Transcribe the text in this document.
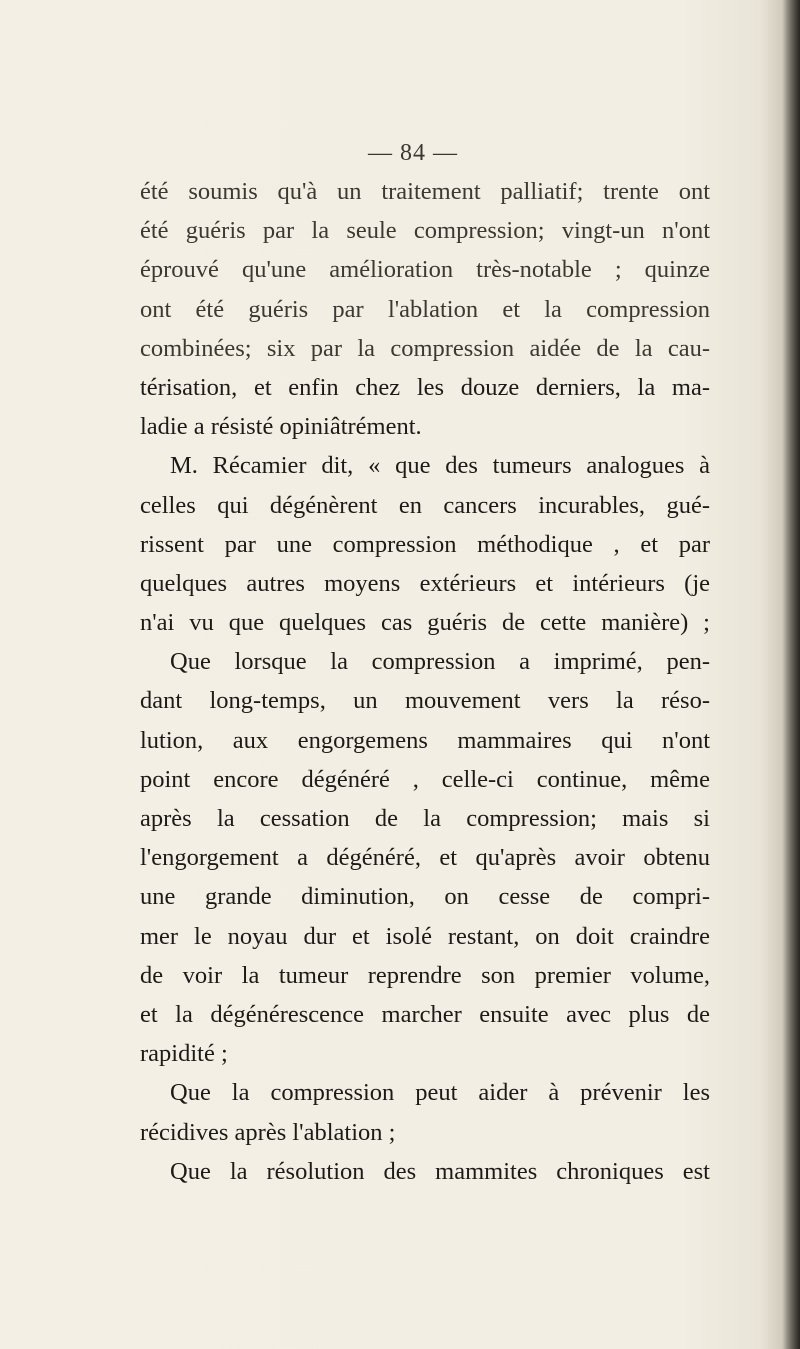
— 84 —
été soumis qu'à un traitement palliatif; trente ont
été guéris par la seule compression; vingt-un n'ont
éprouvé qu'une amélioration très-notable ; quinze
ont été guéris par l'ablation et la compression
combinées; six par la compression aidée de la cau-
térisation, et enfin chez les douze derniers, la ma-
ladie a résisté opiniâtrément.
M. Récamier dit, « que des tumeurs analogues à
celles qui dégénèrent en cancers incurables, gué-
rissent par une compression méthodique , et par
quelques autres moyens extérieurs et intérieurs (je
n'ai vu que quelques cas guéris de cette manière) ;
Que lorsque la compression a imprimé, pen-
dant long-temps, un mouvement vers la réso-
lution, aux engorgemens mammaires qui n'ont
point encore dégénéré , celle-ci continue, même
après la cessation de la compression; mais si
l'engorgement a dégénéré, et qu'après avoir obtenu
une grande diminution, on cesse de compri-
mer le noyau dur et isolé restant, on doit craindre
de voir la tumeur reprendre son premier volume,
et la dégénérescence marcher ensuite avec plus de
rapidité ;
Que la compression peut aider à prévenir les
récidives après l'ablation ;
Que la résolution des mammites chroniques est
